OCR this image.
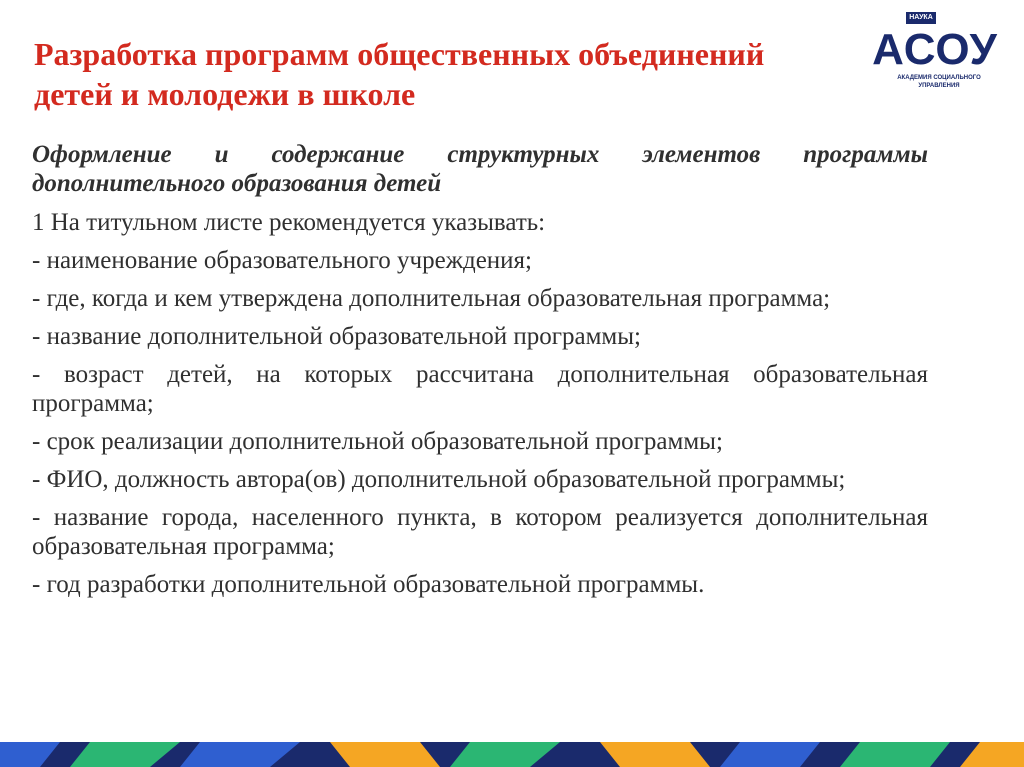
Разработка программ общественных объединений детей и молодежи в школе
НАУКА
АСОУ
АКАДЕМИЯ СОЦИАЛЬНОГО
УПРАВЛЕНИЯ
Оформление и содержание структурных элементов программы дополнительного образования детей

1 На титульном листе рекомендуется указывать:

- наименование образовательного учреждения;

- где, когда и кем утверждена дополнительная образовательная программа;

- название дополнительной образовательной программы;

- возраст детей, на которых рассчитана дополнительная образовательная программа;

- срок реализации дополнительной образовательной программы;

- ФИО, должность автора(ов) дополнительной образовательной программы;

- название города, населенного пункта, в котором реализуется дополнительная образовательная программа;

- год разработки дополнительной образовательной программы.
